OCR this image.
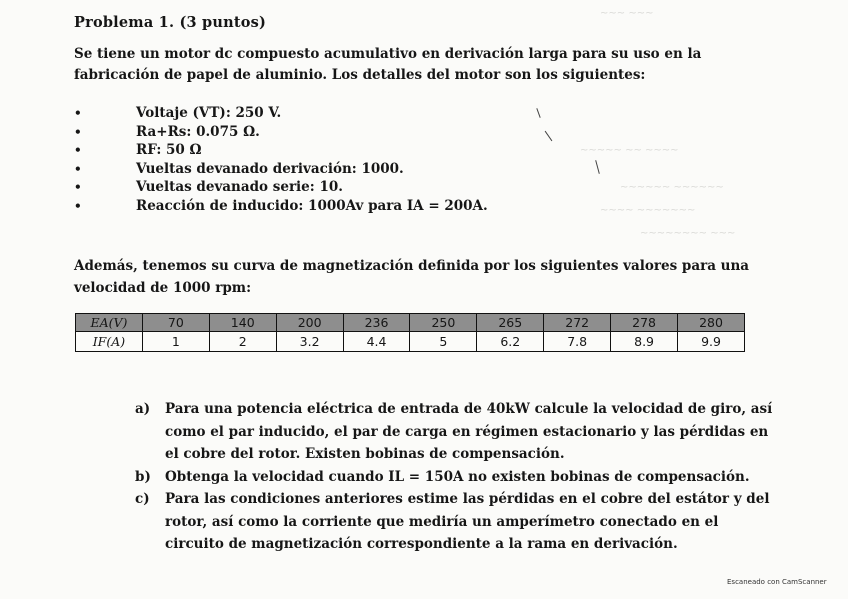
~~~ ~~~
~~~~~ ~~ ~~~~
~~~~~~ ~~~~~~
~~~~ ~~~~~~~
~~~~~~~~ ~~~
Problema 1. (3 puntos)
Se tiene un motor dc compuesto acumulativo en derivación larga para su uso en la fabricación de papel de aluminio. Los detalles del motor son los siguientes:
•	Voltaje (VT): 250 V.
•	Ra+Rs: 0.075 Ω.
•	RF: 50 Ω
•	Vueltas devanado derivación: 1000.
•	Vueltas devanado serie: 10.
•	Reacción de inducido: 1000Av para IA = 200A.
Además, tenemos su curva de magnetización definida por los siguientes valores para una velocidad de 1000 rpm:
EA(V)	70	140	200	236	250	265	272	278	280
IF(A)	1	2	3.2	4.4	5	6.2	7.8	8.9	9.9
a)	Para una potencia eléctrica de entrada de 40kW calcule la velocidad de giro, así como el par inducido, el par de carga en régimen estacionario y las pérdidas en el cobre del rotor. Existen bobinas de compensación.
b)	Obtenga la velocidad cuando IL = 150A no existen bobinas de compensación.
c)	Para las condiciones anteriores estime las pérdidas en el cobre del estátor y del rotor, así como la corriente que mediría un amperímetro conectado en el circuito de magnetización correspondiente a la rama en derivación.
Escaneado con CamScanner
